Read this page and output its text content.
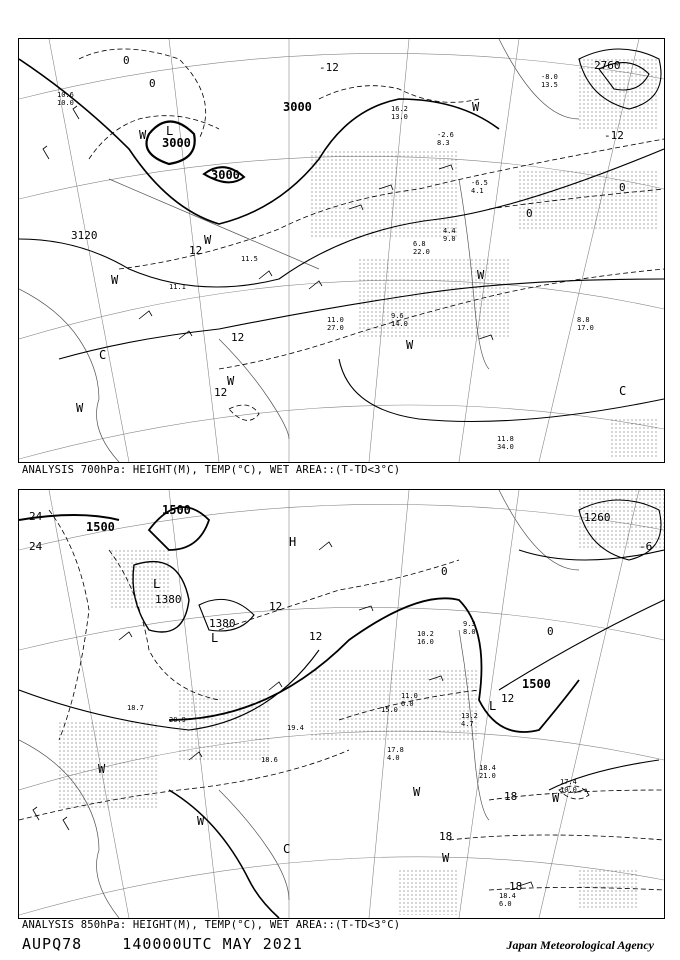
3000
3000
3000
3120
2760
0
0
12
12
12
0
-12
0
-12
L
W
W
W
W
C
C
W
W	W
W
10.6
10.0
11.5
11.1
9.6
14.0
11.0
27.0
8.8
17.0
11.8
34.0
6.8
22.0
4.4
9.0
-6.5
4.1
-2.6
8.3
16.2
13.0
-8.0
13.5
ANALYSIS 700hPa: HEIGHT(M), TEMP(°C), WET AREA::(T-TD<3°C)
1500
1500
1380
1380
1500
1260
24
24
12
12
0
18
18
18
12
0
-6
L
L
L
W
W
W
W
W
C
H
18.7
20.9
19.4
18.6
15.0
17.8
4.0
13.2
4.7
11.0
0.0
18.4
21.0
17.4
10.0
18.4
6.0
10.2
16.0
9.3
8.0
ANALYSIS 850hPa: HEIGHT(M), TEMP(°C), WET AREA::(T-TD<3°C)
AUPQ78    140000UTC MAY 2021	Japan Meteorological Agency
